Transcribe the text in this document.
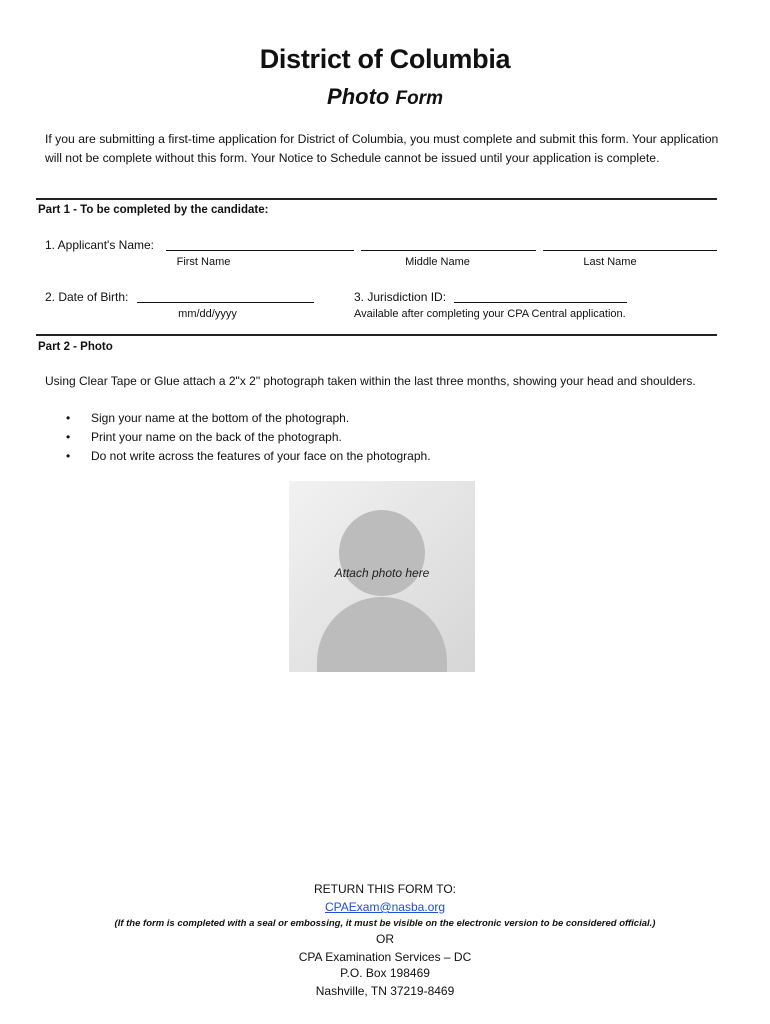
District of Columbia
Photo Form
If you are submitting a first-time application for District of Columbia, you must complete and submit this form. Your application will not be complete without this form. Your Notice to Schedule cannot be issued until your application is complete.
Part 1 - To be completed by the candidate:
1. Applicant's Name:
First Name	Middle Name	Last Name
2. Date of Birth:
mm/dd/yyyy
3. Jurisdiction ID:
Available after completing your CPA Central application.
Part 2 - Photo
Using Clear Tape or Glue attach a 2"x 2" photograph taken within the last three months, showing your head and shoulders.
• Sign your name at the bottom of the photograph.
• Print your name on the back of the photograph.
• Do not write across the features of your face on the photograph.
Attach photo here
RETURN THIS FORM TO:
CPAExam@nasba.org
(If the form is completed with a seal or embossing, it must be visible on the electronic version to be considered official.)
OR
CPA Examination Services – DC
P.O. Box 198469
Nashville, TN 37219-8469
